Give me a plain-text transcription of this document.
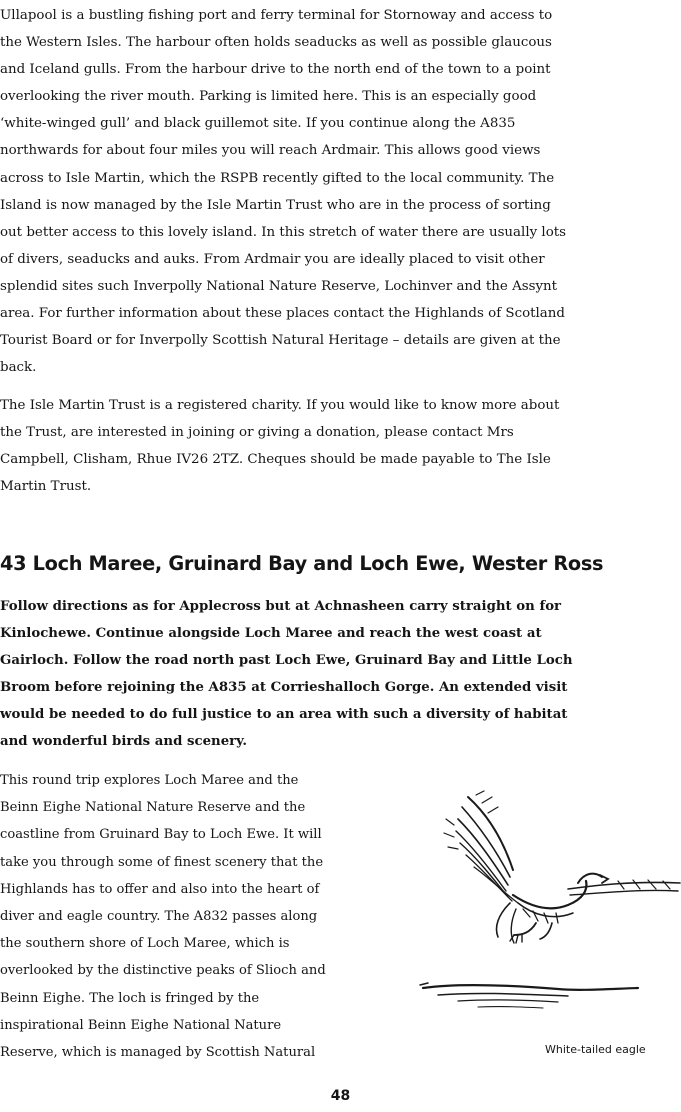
Ullapool is a bustling fishing port and ferry terminal for Stornoway and access to
the Western Isles. The harbour often holds seaducks as well as possible glaucous
and Iceland gulls. From the harbour drive to the north end of the town to a point
overlooking the river mouth. Parking is limited here. This is an especially good
‘white-winged gull’ and black guillemot site. If you continue along the A835
northwards for about four miles you will reach Ardmair. This allows good views
across to Isle Martin, which the RSPB recently gifted to the local community. The
Island is now managed by the Isle Martin Trust who are in the process of sorting
out better access to this lovely island. In this stretch of water there are usually lots
of divers, seaducks and auks. From Ardmair you are ideally placed to visit other
splendid sites such Inverpolly National Nature Reserve, Lochinver and the Assynt
area. For further information about these places contact the Highlands of Scotland
Tourist Board or for Inverpolly Scottish Natural Heritage – details are given at the
back.

The Isle Martin Trust is a registered charity. If you would like to know more about
the Trust, are interested in joining or giving a donation, please contact Mrs
Campbell, Clisham, Rhue IV26 2TZ. Cheques should be made payable to The Isle
Martin Trust.

43 Loch Maree, Gruinard Bay and Loch Ewe, Wester Ross

Follow directions as for Applecross but at Achnasheen carry straight on for
Kinlochewe. Continue alongside Loch Maree and reach the west coast at
Gairloch. Follow the road north past Loch Ewe, Gruinard Bay and Little Loch
Broom before rejoining the A835 at Corrieshalloch Gorge. An extended visit
would be needed to do full justice to an area with such a diversity of habitat
and wonderful birds and scenery.

This round trip explores Loch Maree and the
Beinn Eighe National Nature Reserve and the
coastline from Gruinard Bay to Loch Ewe. It will
take you through some of finest scenery that the
Highlands has to offer and also into the heart of
diver and eagle country. The A832 passes along
the southern shore of Loch Maree, which is
overlooked by the distinctive peaks of Slioch and
Beinn Eighe. The loch is fringed by the
inspirational Beinn Eighe National Nature
Reserve, which is managed by Scottish Natural	White-tailed eagle
48
